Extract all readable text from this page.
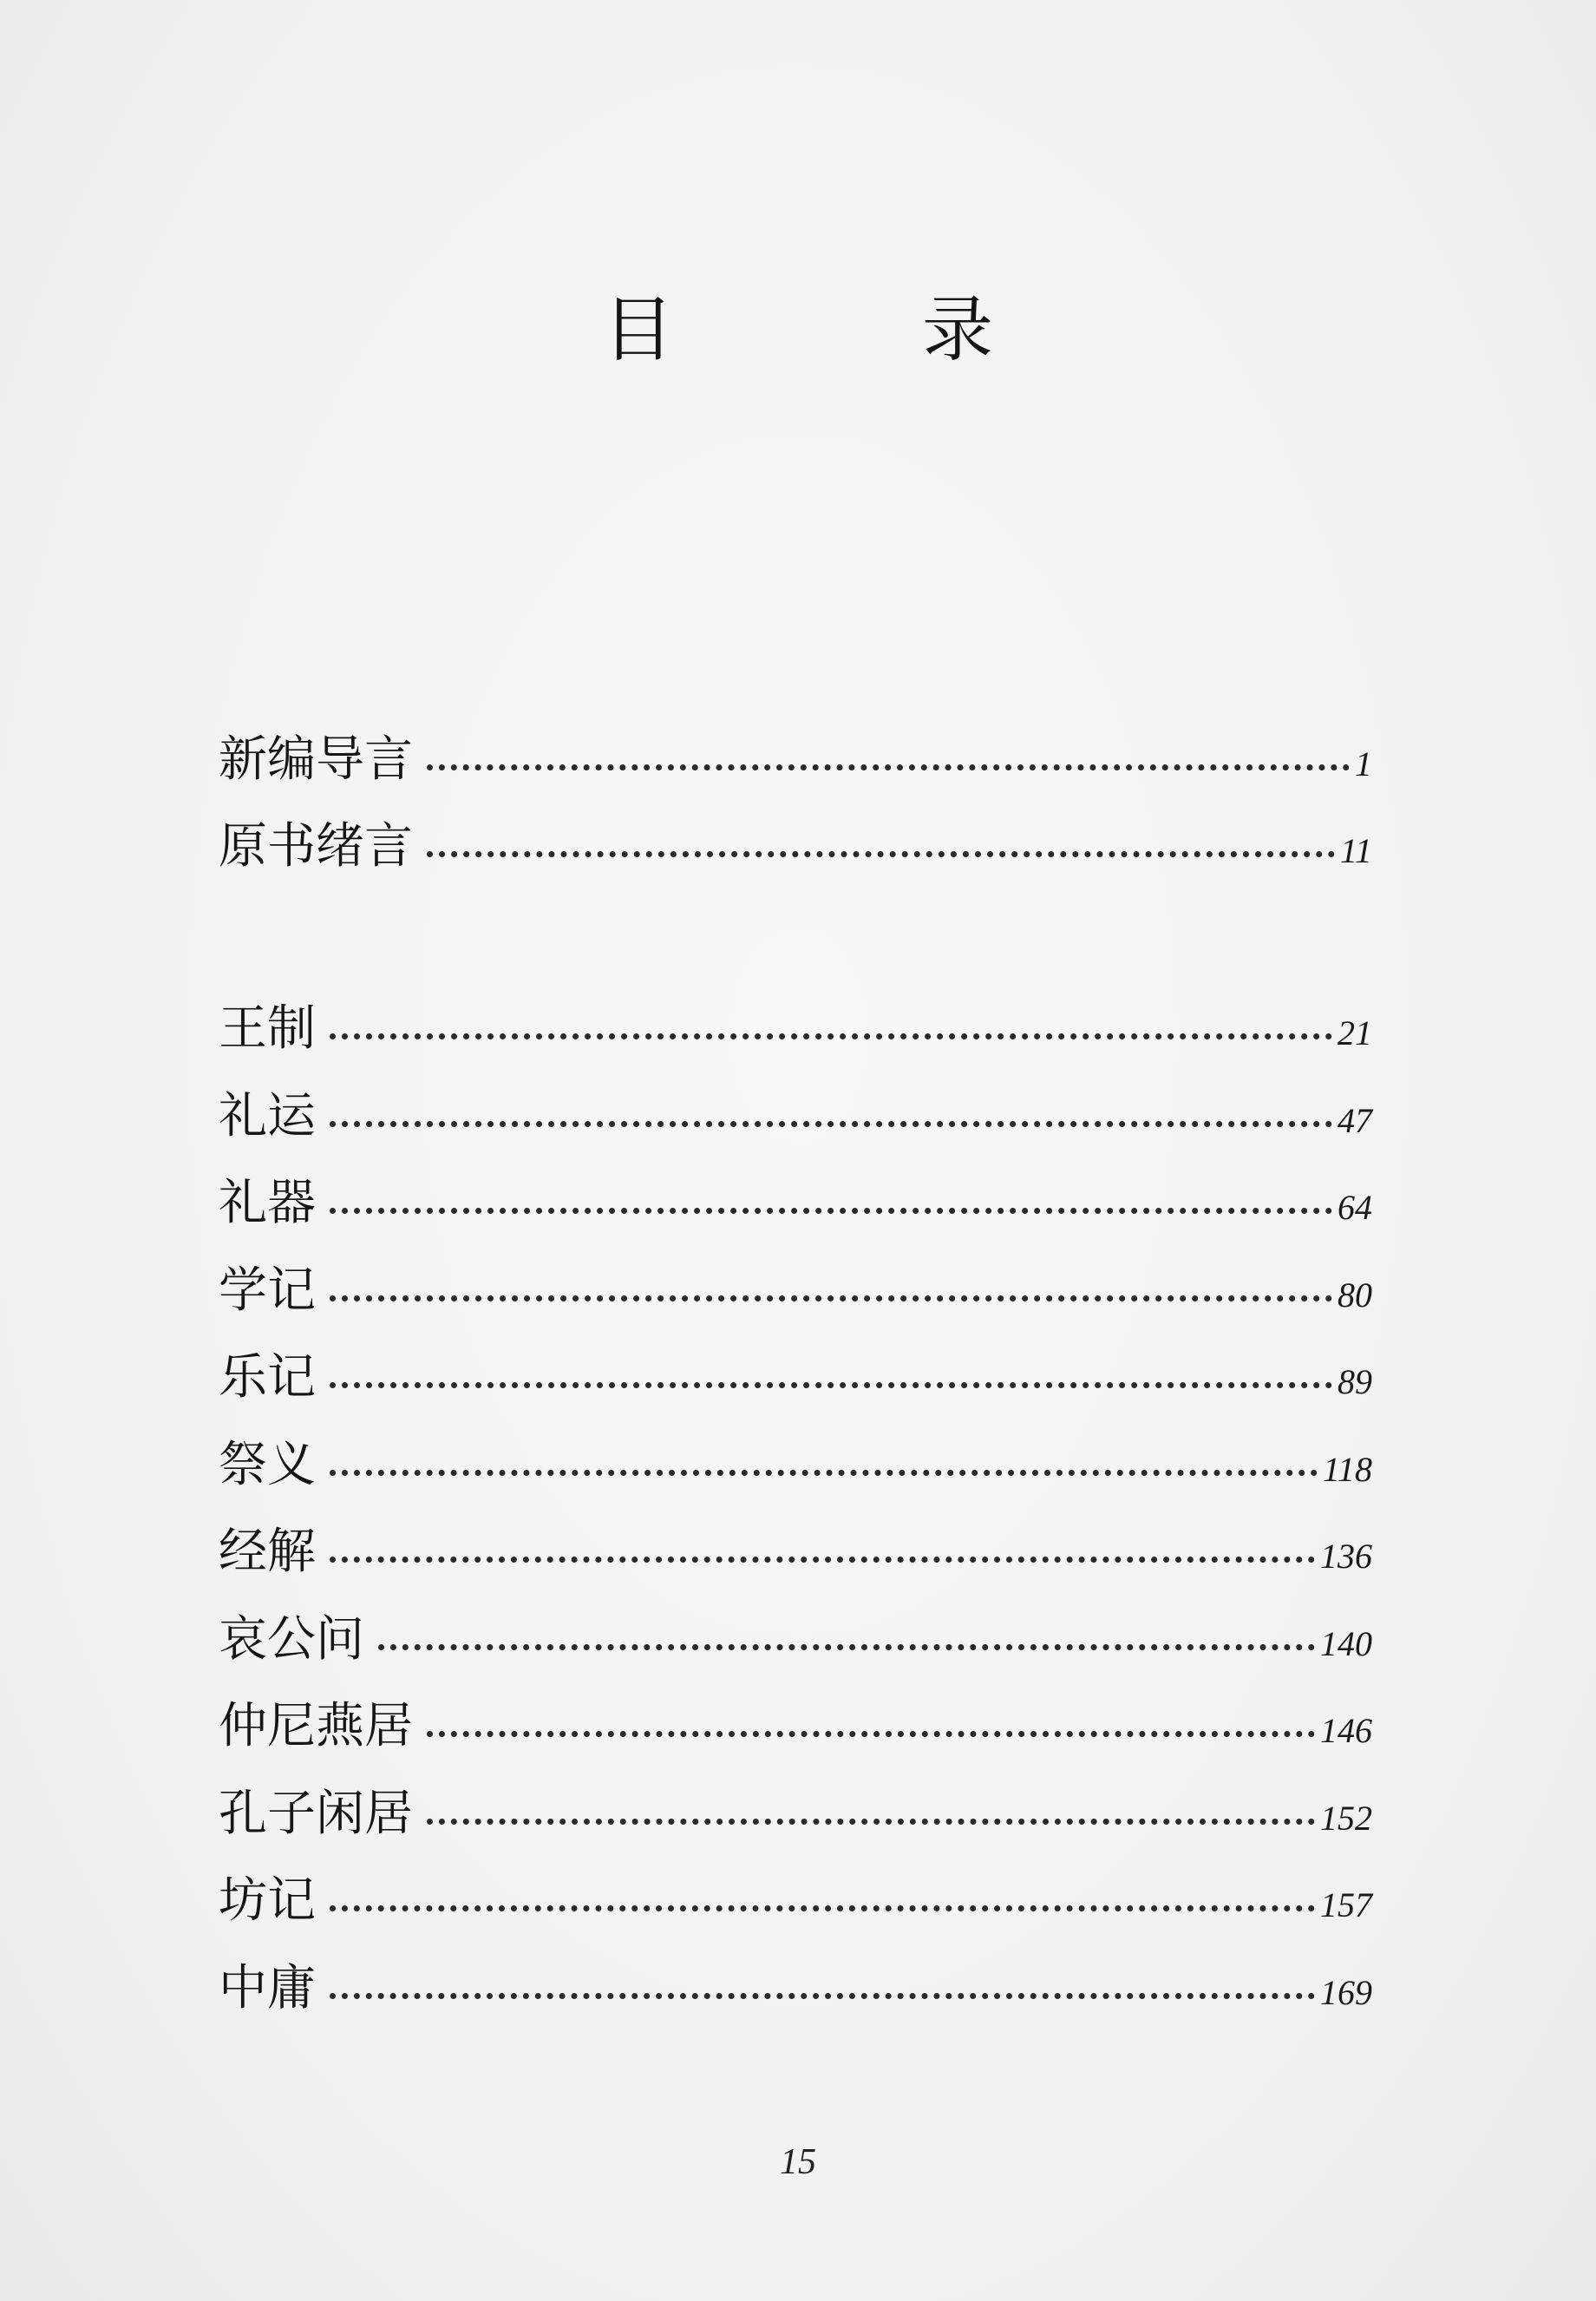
目 录
新编导言	1
原书绪言	11
王制	21
礼运	47
礼器	64
学记	80
乐记	89
祭义	118
经解	136
哀公问	140
仲尼燕居	146
孔子闲居	152
坊记	157
中庸	169
15
